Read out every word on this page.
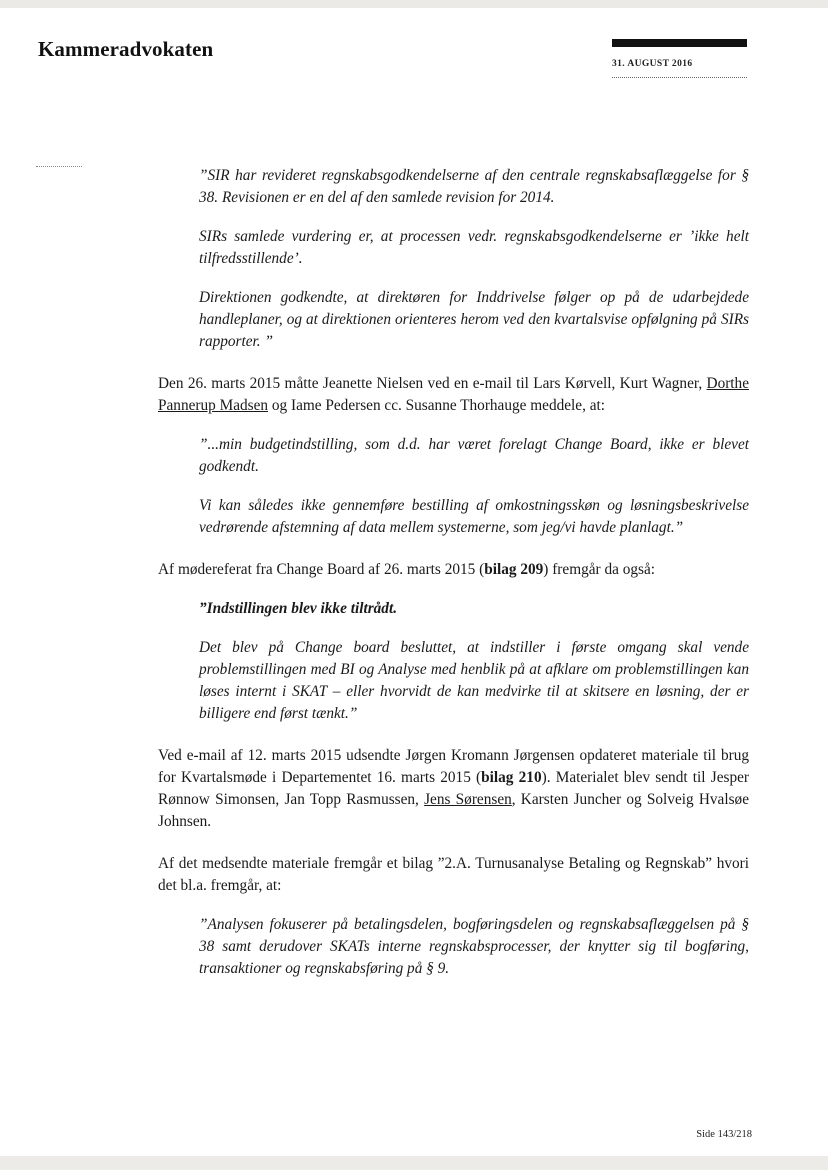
Kammeradvokaten
31. AUGUST 2016

”SIR har revideret regnskabsgodkendelserne af den centrale regnskabsaflæggelse for § 38. Revisionen er en del af den samlede revision for 2014.

SIRs samlede vurdering er, at processen vedr. regnskabsgodkendelserne er ’ikke helt tilfredsstillende’.

Direktionen godkendte, at direktøren for Inddrivelse følger op på de udarbejdede handleplaner, og at direktionen orienteres herom ved den kvartalsvise opfølgning på SIRs rapporter. ”

Den 26. marts 2015 måtte Jeanette Nielsen ved en e-mail til Lars Kørvell, Kurt Wagner, Dorthe Pannerup Madsen og Iame Pedersen cc. Susanne Thorhauge meddele, at:

”...min budgetindstilling, som d.d. har været forelagt Change Board, ikke er blevet godkendt.

Vi kan således ikke gennemføre bestilling af omkostningsskøn og løsningsbeskrivelse vedrørende afstemning af data mellem systemerne, som jeg/vi havde planlagt.”

Af mødereferat fra Change Board af 26. marts 2015 (bilag 209) fremgår da også:

”Indstillingen blev ikke tiltrådt.

Det blev på Change board besluttet, at indstiller i første omgang skal vende problemstillingen med BI og Analyse med henblik på at afklare om problemstillingen kan løses internt i SKAT – eller hvorvidt de kan medvirke til at skitsere en løsning, der er billigere end først tænkt.”

Ved e-mail af 12. marts 2015 udsendte Jørgen Kromann Jørgensen opdateret materiale til brug for Kvartalsmøde i Departementet 16. marts 2015 (bilag 210). Materialet blev sendt til Jesper Rønnow Simonsen, Jan Topp Rasmussen, Jens Sørensen, Karsten Juncher og Solveig Hvalsøe Johnsen.

Af det medsendte materiale fremgår et bilag ”2.A. Turnusanalyse Betaling og Regnskab” hvori det bl.a. fremgår, at:

”Analysen fokuserer på betalingsdelen, bogføringsdelen og regnskabsaflæggelsen på § 38 samt derudover SKATs interne regnskabsprocesser, der knytter sig til bogføring, transaktioner og regnskabsføring på § 9.

Side 143/218
